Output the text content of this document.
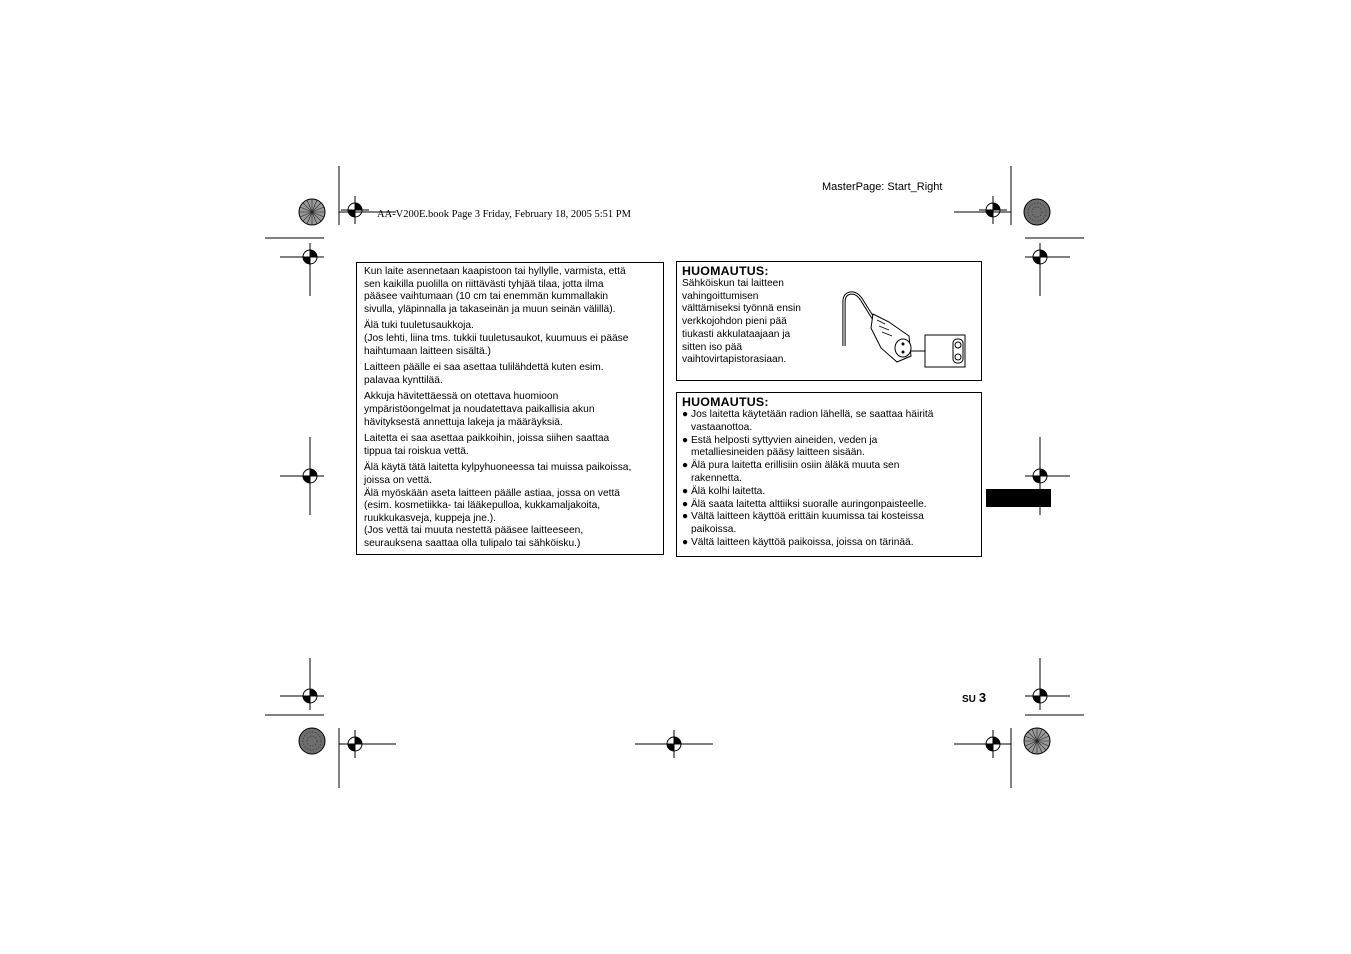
MasterPage: Start_Right
AA-V200E.book Page 3 Friday, February 18, 2005 5:51 PM
Kun laite asennetaan kaapistoon tai hyllylle, varmista, että
sen kaikilla puolilla on riittävästi tyhjää tilaa, jotta ilma
pääsee vaihtumaan (10 cm tai enemmän kummallakin
sivulla, yläpinnalla ja takaseinän ja muun seinän välillä).
Älä tuki tuuletusaukkoja.
(Jos lehti, liina tms. tukkii tuuletusaukot, kuumuus ei pääse
haihtumaan laitteen sisältä.)
Laitteen päälle ei saa asettaa tulilähdettä kuten esim.
palavaa kynttilää.
Akkuja hävitettäessä on otettava huomioon
ympäristöongelmat ja noudatettava paikallisia akun
hävityksestä annettuja lakeja ja määräyksiä.
Laitetta ei saa asettaa paikkoihin, joissa siihen saattaa
tippua tai roiskua vettä.
Älä käytä tätä laitetta kylpyhuoneessa tai muissa paikoissa,
joissa on vettä.
Älä myöskään aseta laitteen päälle astiaa, jossa on vettä
(esim. kosmetiikka- tai lääkepulloa, kukkamaljakoita,
ruukkukasveja, kuppeja jne.).
(Jos vettä tai muuta nestettä pääsee laitteeseen,
seurauksena saattaa olla tulipalo tai sähköisku.)
HUOMAUTUS:
Sähköiskun tai laitteen
vahingoittumisen
välttämiseksi työnnä ensin
verkkojohdon pieni pää
tiukasti akkulataajaan ja
sitten iso pää
vaihtovirtapistorasiaan.
HUOMAUTUS:
● Jos laitetta käytetään radion lähellä, se saattaa häiritä
vastaanottoa.
● Estä helposti syttyvien aineiden, veden ja
metalliesineiden pääsy laitteen sisään.
● Älä pura laitetta erillisiin osiin äläkä muuta sen
rakennetta.
● Älä kolhi laitetta.
● Älä saata laitetta alttiiksi suoralle auringonpaisteelle.
● Vältä laitteen käyttöä erittäin kuumissa tai kosteissa
paikoissa.
● Vältä laitteen käyttöä paikoissa, joissa on tärinää.
SU 3
